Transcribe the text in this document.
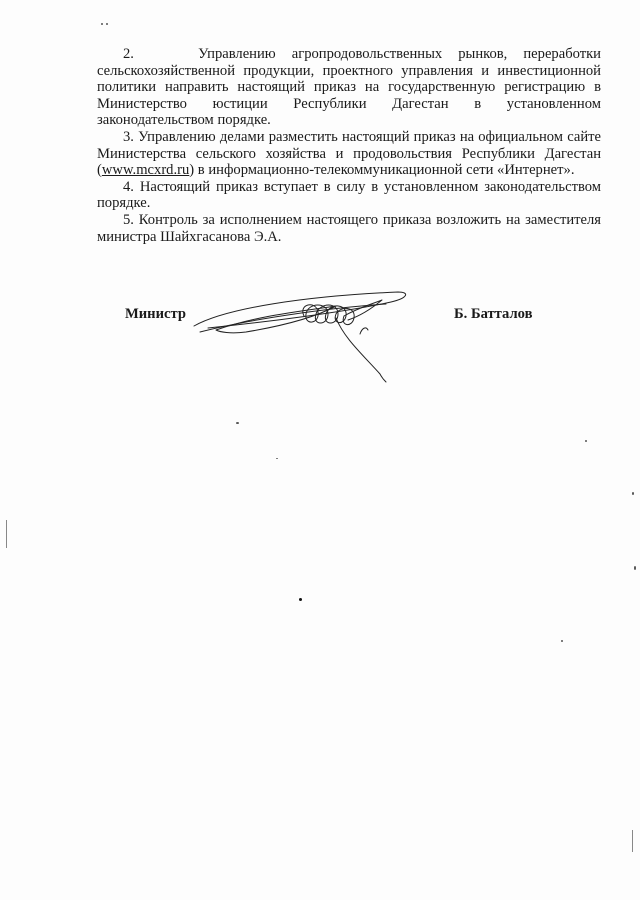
2.    Управлению агропродовольственных рынков, переработки сельскохозяйственной продукции, проектного управления и инвестиционной политики направить настоящий приказ на государственную регистрацию в Министерство юстиции Республики Дагестан в установленном законодательством порядке.

3. Управлению делами разместить настоящий приказ на официальном сайте Министерства сельского хозяйства и продовольствия Республики Дагестан (www.mcxrd.ru) в информационно-телекоммуникационной сети «Интернет».

4. Настоящий приказ вступает в силу в установленном законодательством порядке.

5. Контроль за исполнением настоящего приказа возложить на заместителя министра Шайхгасанова Э.А.

Министр	Б. Батталов
